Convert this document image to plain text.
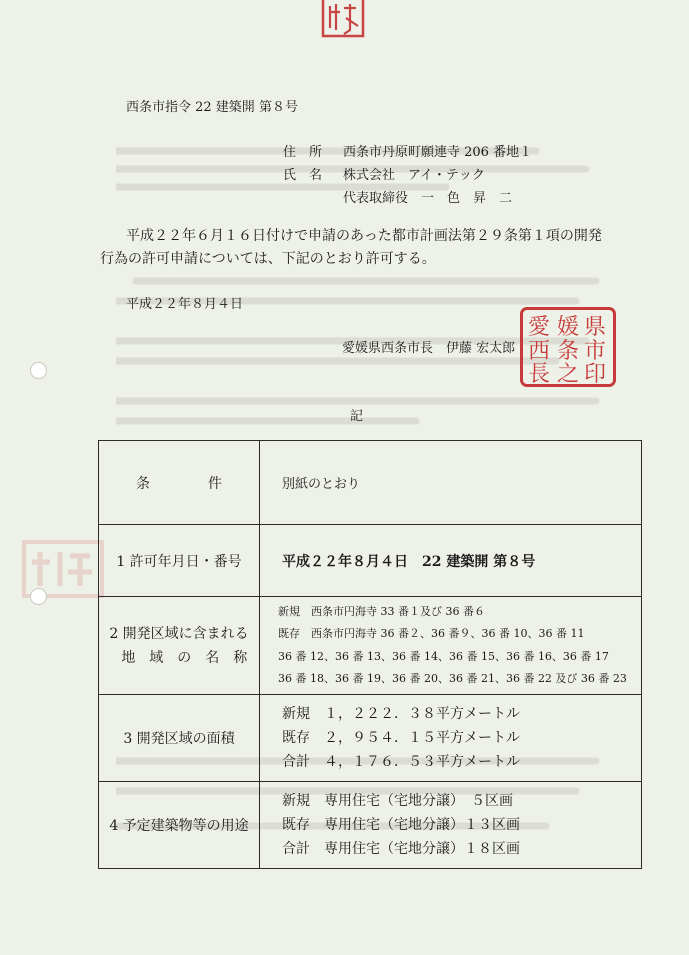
西条市指令 22 建築開 第８号
住　所 西条市丹原町願連寺 206 番地１
氏　名 株式会社　アイ・テック
代表取締役　一　色　昇　二
平成２２年６月１６日付けで申請のあった都市計画法第２９条第１項の開発
行為の許可申請については、下記のとおり許可する。
平成２２年８月４日
愛媛県西条市長　伊藤 宏太郎
記
県
市
印
媛
条
之
愛
西
長
条 件	別紙のとおり
1 許可年月日・番号	平成２２年８月４日　22 建築開 第８号

2 開発区域に含まれる
地　域　の　名　称	新規　西条市円海寺 33 番１及び 36 番６
既存　西条市円海寺 36 番２、36 番９、36 番 10、36 番 11
36 番 12、36 番 13、36 番 14、36 番 15、36 番 16、36 番 17
36 番 18、36 番 19、36 番 20、36 番 21、36 番 22 及び 36 番 23

3 開発区域の面積	新規　１，２２２．３８平方メートル
既存　２，９５４．１５平方メートル
合計　４，１７６．５３平方メートル

4 予定建築物等の用途	新規　専用住宅（宅地分譲）　５区画
既存　専用住宅（宅地分譲）１３区画
合計　専用住宅（宅地分譲）１８区画
